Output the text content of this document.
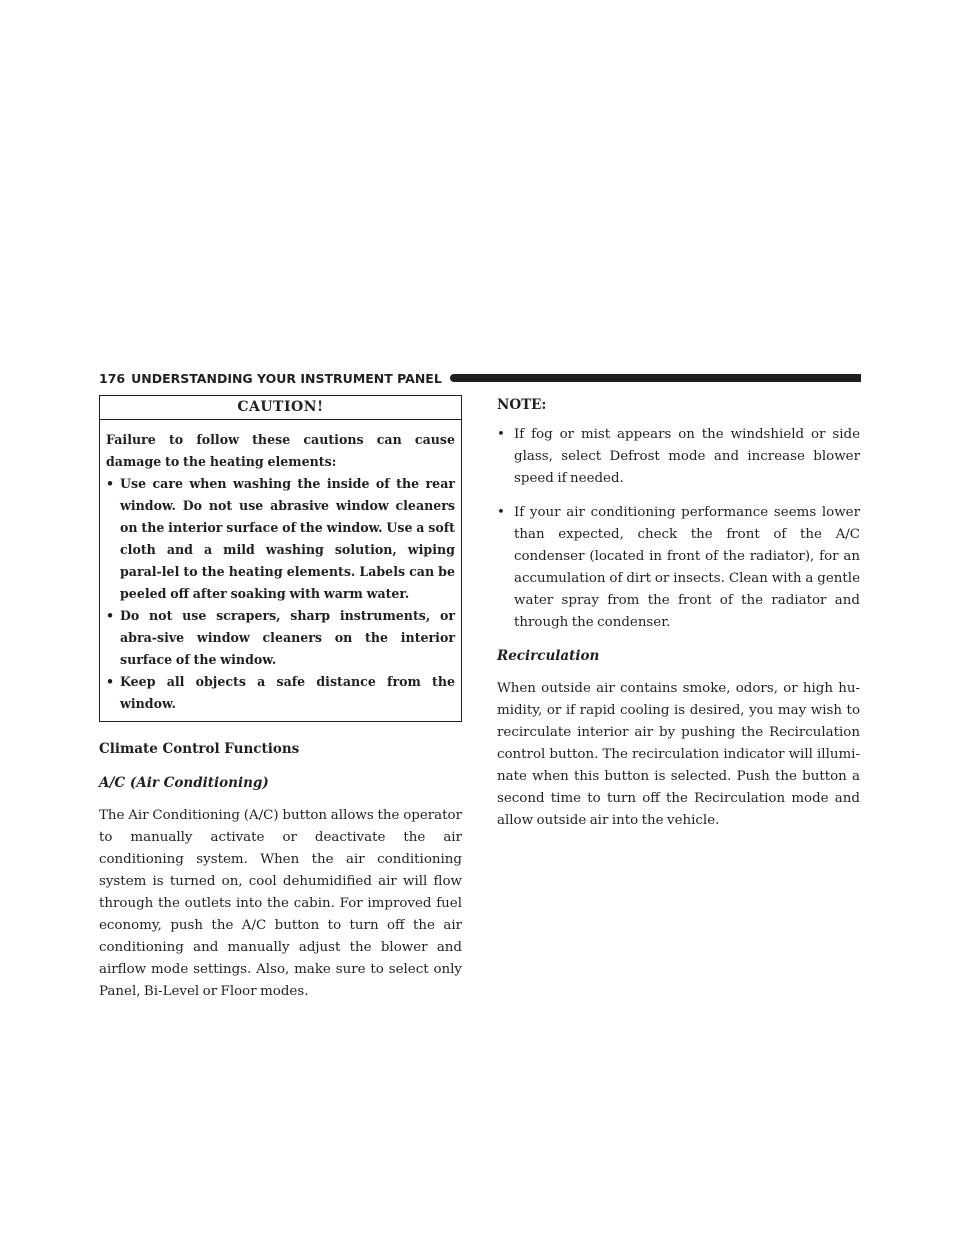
176 UNDERSTANDING YOUR INSTRUMENT PANEL
CAUTION!

Failure to follow these cautions can cause damage to the heating elements:

• Use care when washing the inside of the rear window. Do not use abrasive window cleaners on the interior surface of the window. Use a soft cloth and a mild washing solution, wiping paral-lel to the heating elements. Labels can be peeled off after soaking with warm water.
• Do not use scrapers, sharp instruments, or abra-sive window cleaners on the interior surface of the window.
• Keep all objects a safe distance from the window.
Climate Control Functions
A/C (Air Conditioning)

The Air Conditioning (A/C) button allows the operator to manually activate or deactivate the air conditioning system. When the air conditioning system is turned on, cool dehumidified air will flow through the outlets into the cabin. For improved fuel economy, push the A/C button to turn off the air conditioning and manually adjust the blower and airflow mode settings. Also, make sure to select only Panel, Bi-Level or Floor modes.

NOTE:

• If fog or mist appears on the windshield or side glass, select Defrost mode and increase blower speed if needed.
• If your air conditioning performance seems lower than expected, check the front of the A/C condenser (located in front of the radiator), for an accumulation of dirt or insects. Clean with a gentle water spray from the front of the radiator and through the condenser.
Recirculation

When outside air contains smoke, odors, or high hu-midity, or if rapid cooling is desired, you may wish to recirculate interior air by pushing the Recirculation control button. The recirculation indicator will illumi-nate when this button is selected. Push the button a second time to turn off the Recirculation mode and allow outside air into the vehicle.
